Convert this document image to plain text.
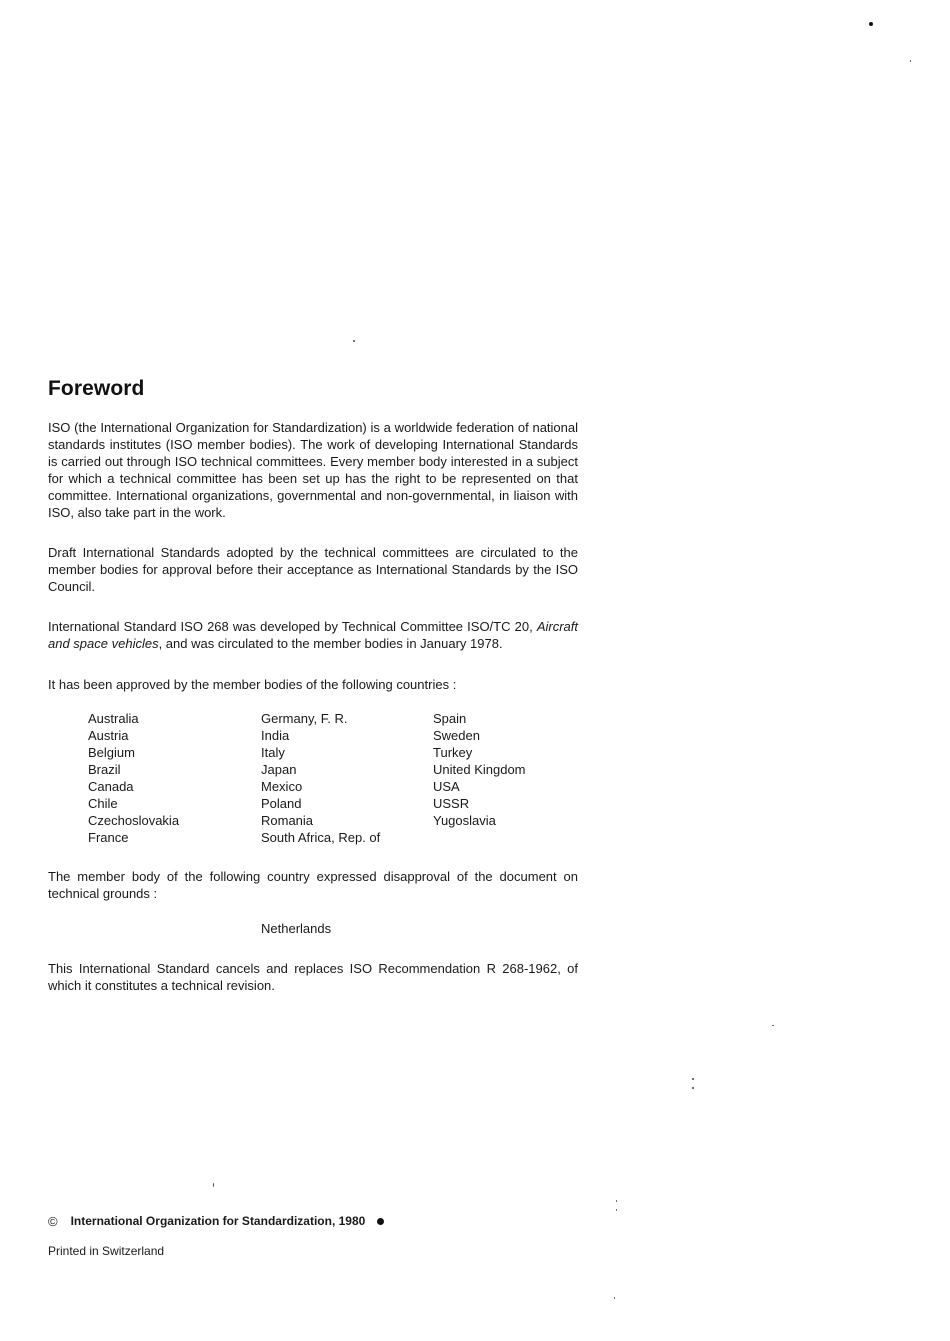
Foreword

ISO (the International Organization for Standardization) is a worldwide federation of national standards institutes (ISO member bodies). The work of developing International Standards is carried out through ISO technical committees. Every member body interested in a subject for which a technical committee has been set up has the right to be represented on that committee. International organizations, governmental and non-governmental, in liaison with ISO, also take part in the work.

Draft International Standards adopted by the technical committees are circulated to the member bodies for approval before their acceptance as International Standards by the ISO Council.

International Standard ISO 268 was developed by Technical Committee ISO/TC 20, Aircraft and space vehicles, and was circulated to the member bodies in January 1978.

It has been approved by the member bodies of the following countries :

Australia
Austria
Belgium
Brazil
Canada
Chile
Czechoslovakia
France
Germany, F. R.
India
Italy
Japan
Mexico
Poland
Romania
South Africa, Rep. of
Spain
Sweden
Turkey
United Kingdom
USA
USSR
Yugoslavia

The member body of the following country expressed disapproval of the document on technical grounds :

Netherlands

This International Standard cancels and replaces ISO Recommendation R 268-1962, of which it constitutes a technical revision.

© International Organization for Standardization, 1980
Printed in Switzerland
